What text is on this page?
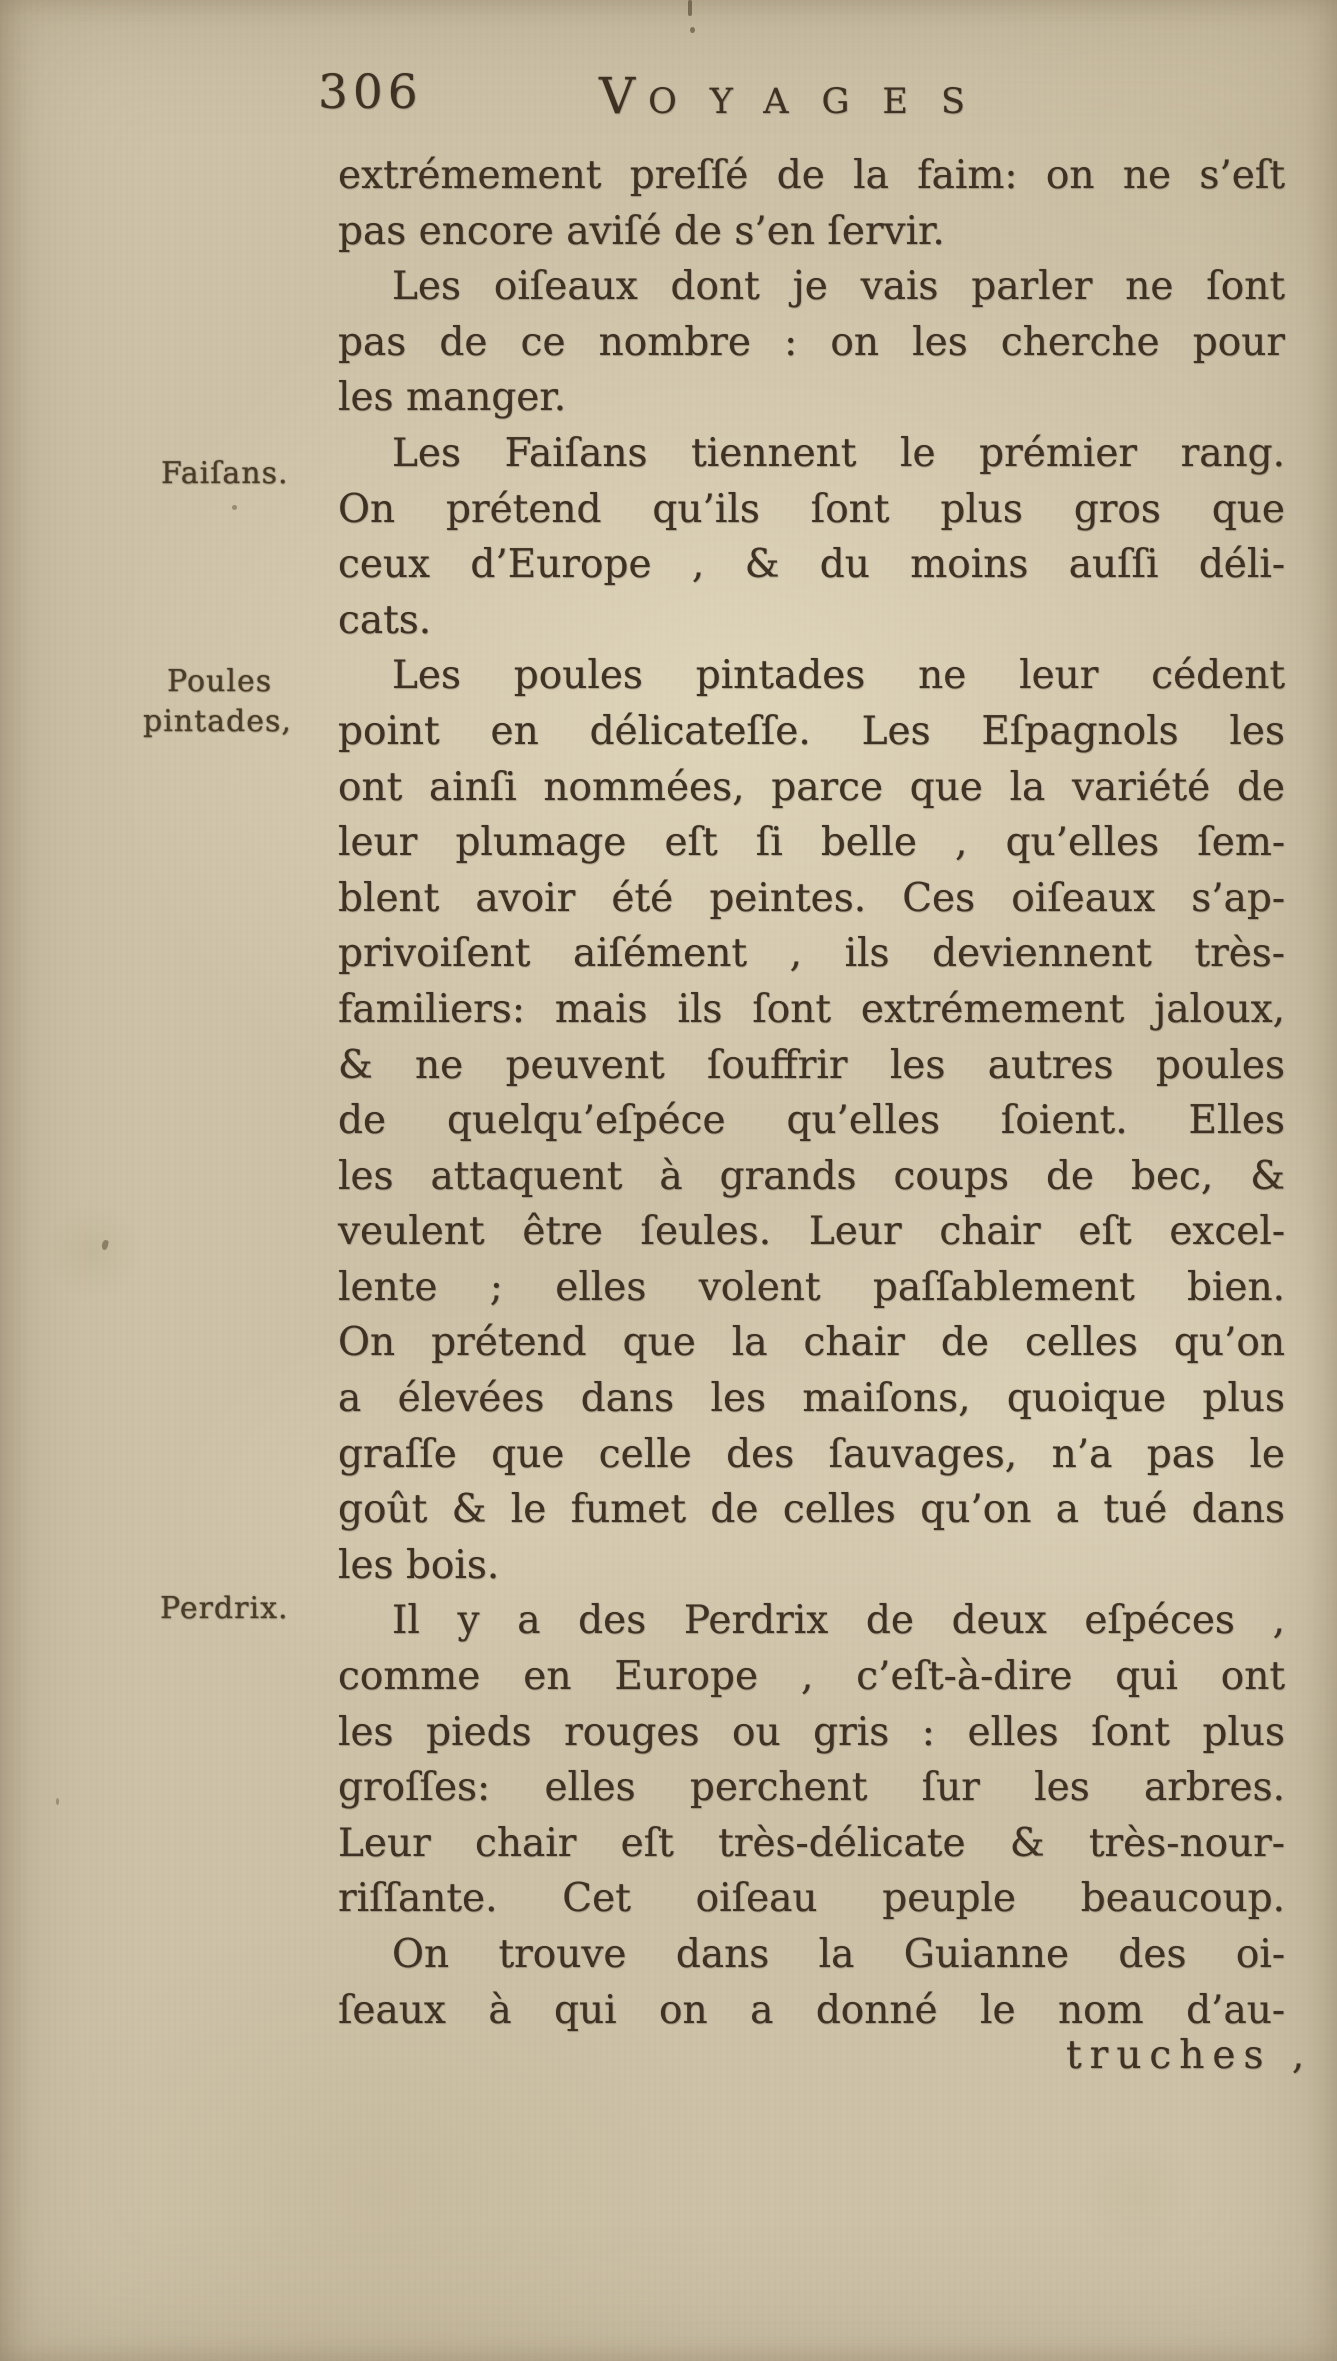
306	V OYAGES
Faiſans.
Poules
pintades,
Perdrix.
extrémement preſſé de la faim: on ne s’eſt
pas encore aviſé de s’en ſervir.
Les oiſeaux dont je vais parler ne ſont
pas de ce nombre : on les cherche pour
les manger.
Les Faiſans tiennent le prémier rang.
On prétend qu’ils ſont plus gros que
ceux d’Europe , & du moins auſſi déli-
cats.
Les poules pintades ne leur cédent
point en délicateſſe. Les Eſpagnols les
ont ainſi nommées, parce que la variété de
leur plumage eſt ſi belle , qu’elles ſem-
blent avoir été peintes. Ces oiſeaux s’ap-
privoiſent aiſément , ils deviennent très-
familiers: mais ils ſont extrémement jaloux,
& ne peuvent ſouffrir les autres poules
de quelqu’eſpéce qu’elles ſoient. Elles
les attaquent à grands coups de bec, &
veulent être ſeules. Leur chair eſt excel-
lente ; elles volent paſſablement bien.
On prétend que la chair de celles qu’on
a élevées dans les maiſons, quoique plus
graſſe que celle des ſauvages, n’a pas le
goût & le fumet de celles qu’on a tué dans
les bois.
Il y a des Perdrix de deux eſpéces ,
comme en Europe , c’eſt-à-dire qui ont
les pieds rouges ou gris : elles ſont plus
groſſes: elles perchent ſur les arbres.
Leur chair eſt très-délicate & très-nour-
riſſante. Cet oiſeau peuple beaucoup.
On trouve dans la Guianne des oi-
ſeaux à qui on a donné le nom d’au-
truches ,
